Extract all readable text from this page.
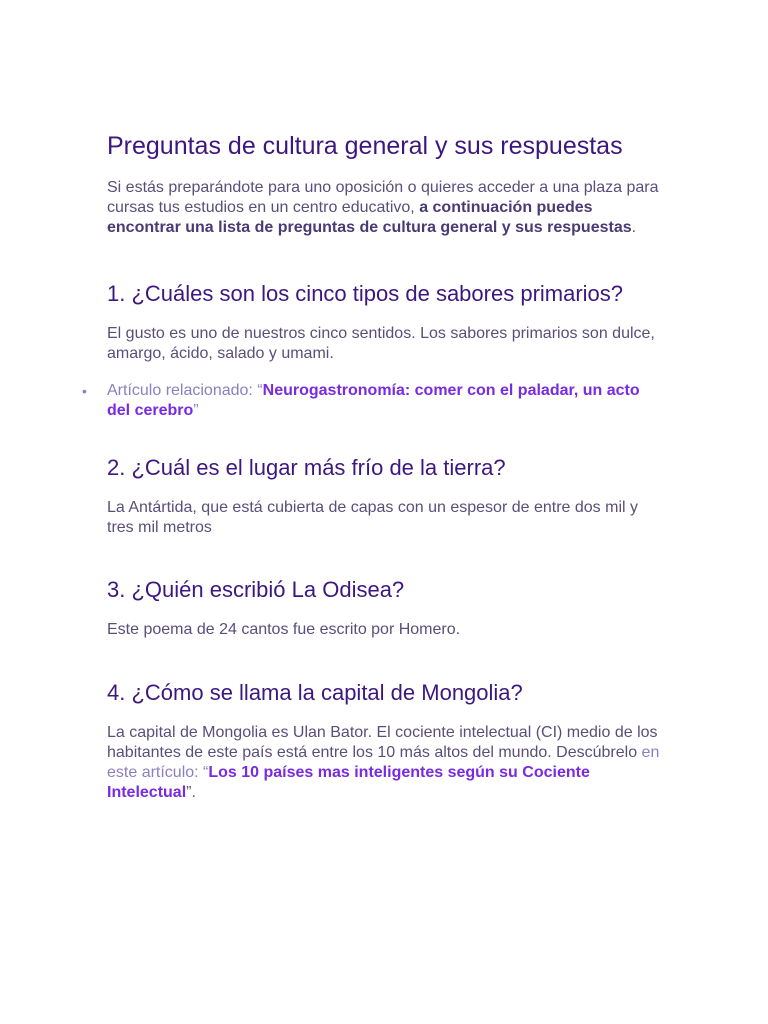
Preguntas de cultura general y sus respuestas

Si estás preparándote para uno oposición o quieres acceder a una plaza para cursas tus estudios en un centro educativo, a continuación puedes encontrar una lista de preguntas de cultura general y sus respuestas.

1. ¿Cuáles son los cinco tipos de sabores primarios?

El gusto es uno de nuestros cinco sentidos. Los sabores primarios son dulce, amargo, ácido, salado y umami.

• Artículo relacionado: “Neurogastronomía: comer con el paladar, un acto del cerebro”
2. ¿Cuál es el lugar más frío de la tierra?

La Antártida, que está cubierta de capas con un espesor de entre dos mil y tres mil metros

3. ¿Quién escribió La Odisea?

Este poema de 24 cantos fue escrito por Homero.

4. ¿Cómo se llama la capital de Mongolia?

La capital de Mongolia es Ulan Bator. El cociente intelectual (CI) medio de los habitantes de este país está entre los 10 más altos del mundo. Descúbrelo en este artículo: “Los 10 países mas inteligentes según su Cociente Intelectual”.
